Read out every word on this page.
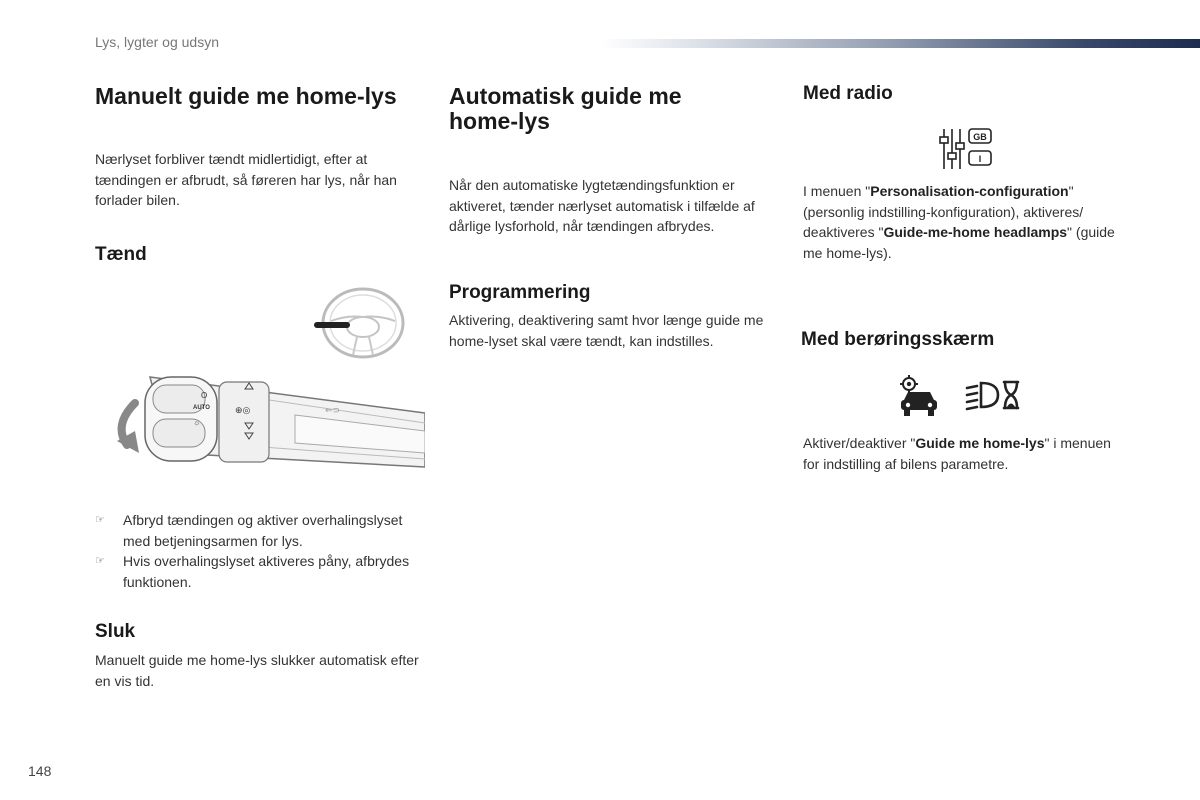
Lys, lygter og udsyn
Manuelt guide me home-lys
Nærlyset forbliver tændt midlertidigt, efter at tændingen er afbrudt, så føreren har lys, når han forlader bilen.
Tænd
O
AUTO
☼
⊕◎	⇐⊃
☞ Afbryd tændingen og aktiver overhalingslyset med betjeningsarmen for lys.
☞ Hvis overhalingslyset aktiveres påny, afbrydes funktionen.
Sluk
Manuelt guide me home-lys slukker automatisk efter en vis tid.
Automatisk guide me home-lys
Når den automatiske lygtetændingsfunktion er aktiveret, tænder nærlyset automatisk i tilfælde af dårlige lysforhold, når tændingen afbrydes.
Programmering
Aktivering, deaktivering samt hvor længe guide me home-lyset skal være tændt, kan indstilles.
Med radio
GB
I
I menuen "Personalisation-configuration" (personlig indstilling-konfiguration), aktiveres/ deaktiveres "Guide-me-home headlamps" (guide me home-lys).
Med berøringsskærm
Aktiver/deaktiver "Guide me home-lys" i menuen for indstilling af bilens parametre.
148
